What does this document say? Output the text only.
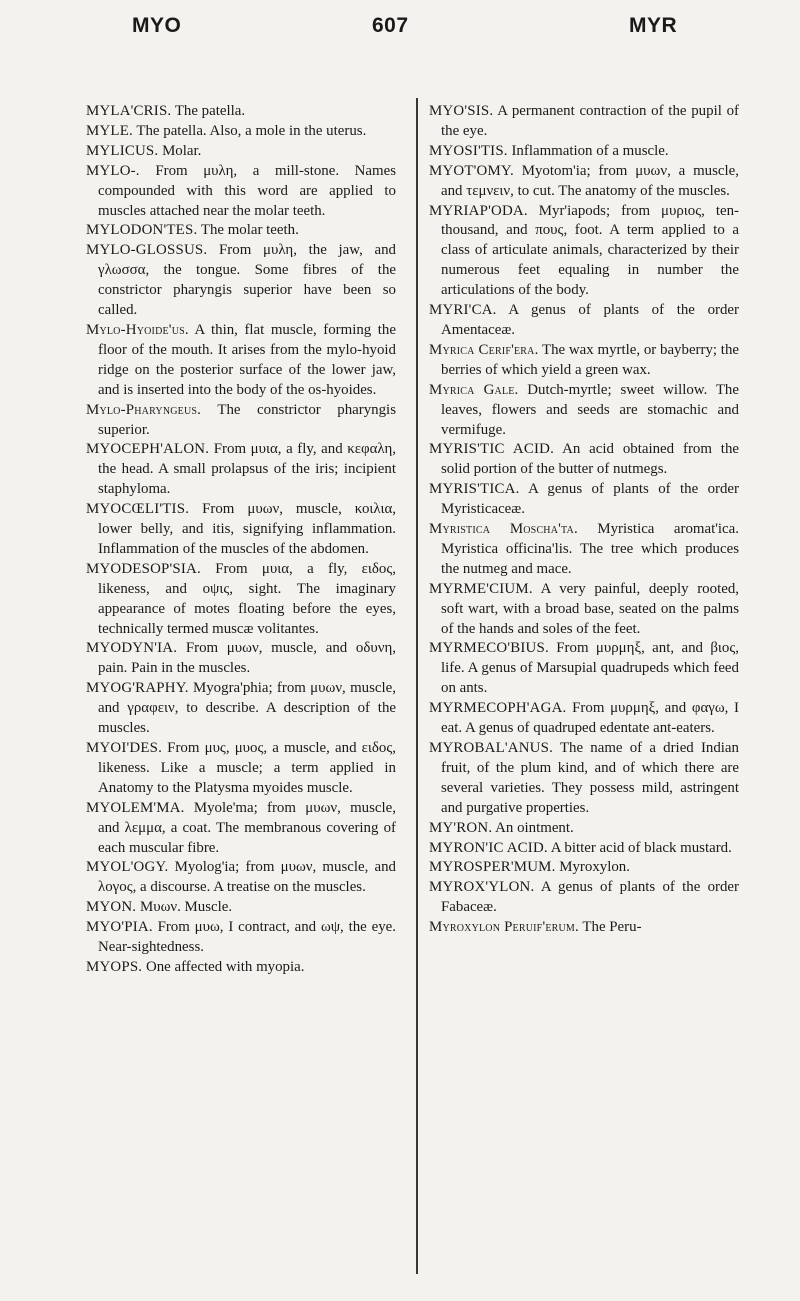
MYO	607	MYR

MYLA'CRIS. The patella.

MYLE. The patella. Also, a mole in the uterus.

MYLICUS. Molar.

MYLO-. From μυλη, a mill-stone. Names compounded with this word are applied to muscles attached near the molar teeth.

MYLODON'TES. The molar teeth.

MYLO-GLOSSUS. From μυλη, the jaw, and γλωσσα, the tongue. Some fibres of the constrictor pharyngis superior have been so called.

Mylo-Hyoide'us. A thin, flat muscle, forming the floor of the mouth. It arises from the mylo-hyoid ridge on the posterior surface of the lower jaw, and is inserted into the body of the os-hyoides.

Mylo-Pharyngeus. The constrictor pharyngis superior.

MYOCEPH'ALON. From μυια, a fly, and κεφαλη, the head. A small prolapsus of the iris; incipient staphyloma.

MYOCŒLI'TIS. From μυων, muscle, κοιλια, lower belly, and itis, signifying inflammation. Inflammation of the muscles of the abdomen.

MYODESOP'SIA. From μυια, a fly, ειδος, likeness, and οψις, sight. The imaginary appearance of motes floating before the eyes, technically termed muscæ volitantes.

MYODYN'IA. From μυων, muscle, and οδυνη, pain. Pain in the muscles.

MYOG'RAPHY. Myogra'phia; from μυων, muscle, and γραφειν, to describe. A description of the muscles.

MYOI'DES. From μυς, μυος, a muscle, and ειδος, likeness. Like a muscle; a term applied in Anatomy to the Platysma myoides muscle.

MYOLEM'MA. Myole'ma; from μυων, muscle, and λεμμα, a coat. The membranous covering of each muscular fibre.

MYOL'OGY. Myolog'ia; from μυων, muscle, and λογος, a discourse. A treatise on the muscles.

MYON. Μυων. Muscle.

MYO'PIA. From μυω, I contract, and ωψ, the eye. Near-sightedness.

MYOPS. One affected with myopia.

MYO'SIS. A permanent contraction of the pupil of the eye.

MYOSI'TIS. Inflammation of a muscle.

MYOT'OMY. Myotom'ia; from μυων, a muscle, and τεμνειν, to cut. The anatomy of the muscles.

MYRIAP'ODA. Myr'iapods; from μυριος, ten-thousand, and πους, foot. A term applied to a class of articulate animals, characterized by their numerous feet equaling in number the articulations of the body.

MYRI'CA. A genus of plants of the order Amentaceæ.

Myrica Cerif'era. The wax myrtle, or bayberry; the berries of which yield a green wax.

Myrica Gale. Dutch-myrtle; sweet willow. The leaves, flowers and seeds are stomachic and vermifuge.

MYRIS'TIC ACID. An acid obtained from the solid portion of the butter of nutmegs.

MYRIS'TICA. A genus of plants of the order Myristicaceæ.

Myristica Moscha'ta. Myristica aromat'ica. Myristica officina'lis. The tree which produces the nutmeg and mace.

MYRME'CIUM. A very painful, deeply rooted, soft wart, with a broad base, seated on the palms of the hands and soles of the feet.

MYRMECO'BIUS. From μυρμηξ, ant, and βιος, life. A genus of Marsupial quadrupeds which feed on ants.

MYRMECOPH'AGA. From μυρμηξ, and φαγω, I eat. A genus of quadruped edentate ant-eaters.

MYROBAL'ANUS. The name of a dried Indian fruit, of the plum kind, and of which there are several varieties. They possess mild, astringent and purgative properties.

MY'RON. An ointment.

MYRON'IC ACID. A bitter acid of black mustard.

MYROSPER'MUM. Myroxylon.

MYROX'YLON. A genus of plants of the order Fabaceæ.

Myroxylon Peruif'erum. The Peru-
